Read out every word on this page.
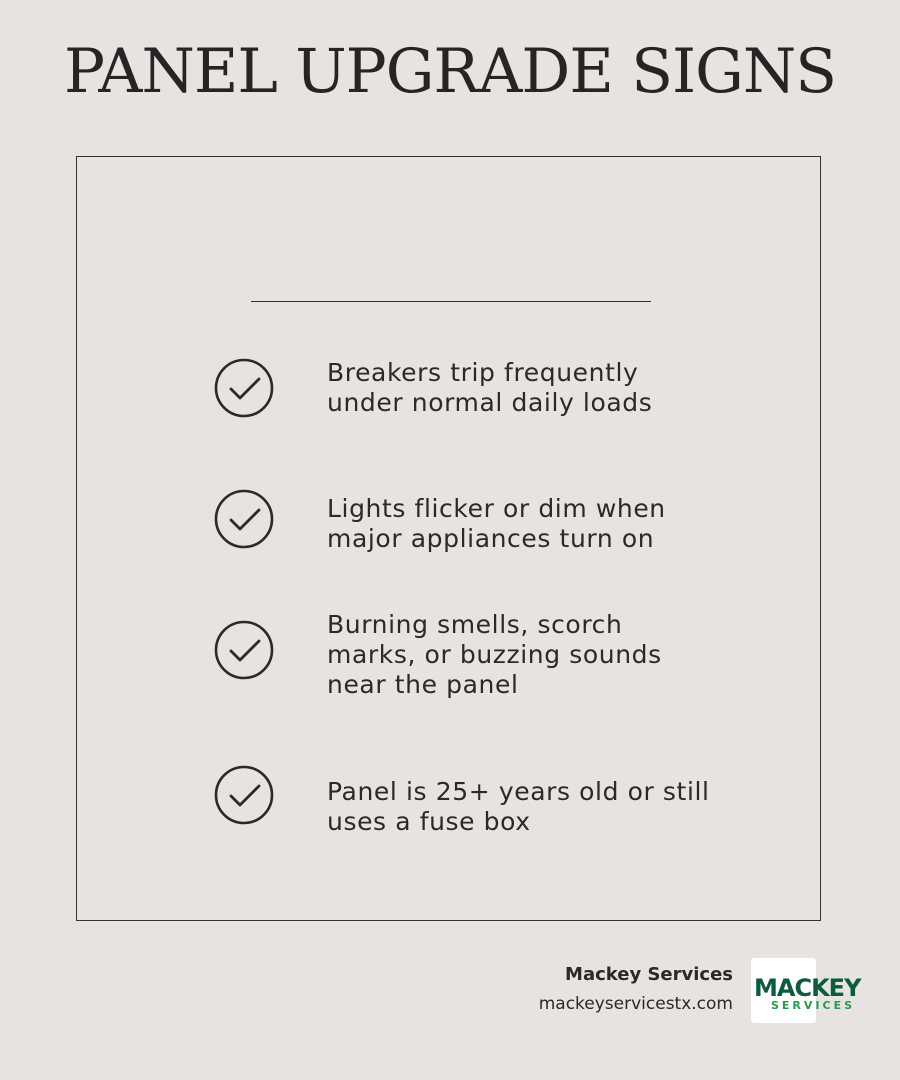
PANEL UPGRADE SIGNS
Breakers trip frequently
under normal daily loads
Lights flicker or dim when
major appliances turn on
Burning smells, scorch
marks, or buzzing sounds
near the panel
Panel is 25+ years old or still
uses a fuse box
Mackey Services
mackeyservicestx.com
MACKEY
SERVICES
